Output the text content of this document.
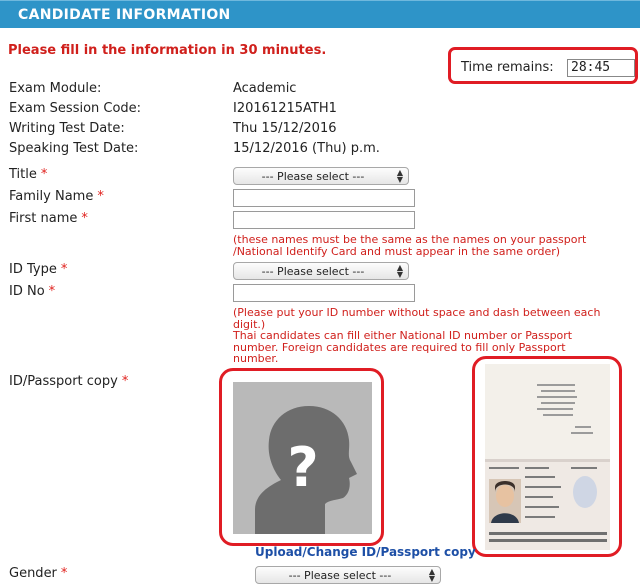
CANDIDATE INFORMATION
Please fill in the information in 30 minutes.
Time remains:	28:45
Exam Module:	Academic
Exam Session Code:	I20161215ATH1
Writing Test Date:	Thu 15/12/2016
Speaking Test Date:	15/12/2016 (Thu) p.m.
Title *	--- Please select ---	▲
▼
Family Name *
First name *
(these names must be the same as the names on your passport
/National Identify Card and must appear in the same order)
ID Type *	--- Please select ---	▲
▼
ID No *
(Please put your ID number without space and dash between each
digit.)
Thai candidates can fill either National ID number or Passport
number. Foreign candidates are required to fill only Passport
number.
ID/Passport copy *
?
Upload/Change ID/Passport copy
Gender *	--- Please select ---	▲
▼
